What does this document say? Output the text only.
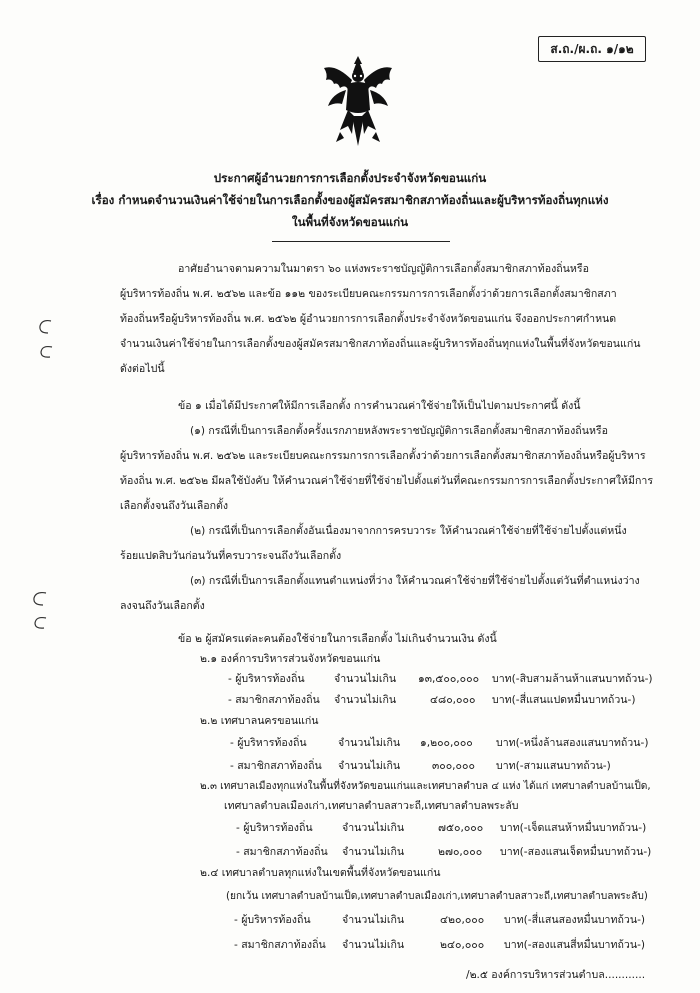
ส.ถ./ผ.ถ. ๑/๑๒
ประกาศผู้อำนวยการการเลือกตั้งประจำจังหวัดขอนแก่น
เรื่อง กำหนดจำนวนเงินค่าใช้จ่ายในการเลือกตั้งของผู้สมัครสมาชิกสภาท้องถิ่นและผู้บริหารท้องถิ่นทุกแห่ง
ในพื้นที่จังหวัดขอนแก่น
อาศัยอำนาจตามความในมาตรา ๖๐ แห่งพระราชบัญญัติการเลือกตั้งสมาชิกสภาท้องถิ่นหรือ
ผู้บริหารท้องถิ่น พ.ศ. ๒๕๖๒ และข้อ ๑๑๒ ของระเบียบคณะกรรมการการเลือกตั้งว่าด้วยการเลือกตั้งสมาชิกสภา
ท้องถิ่นหรือผู้บริหารท้องถิ่น พ.ศ. ๒๕๖๒ ผู้อำนวยการการเลือกตั้งประจำจังหวัดขอนแก่น จึงออกประกาศกำหนด
จำนวนเงินค่าใช้จ่ายในการเลือกตั้งของผู้สมัครสมาชิกสภาท้องถิ่นและผู้บริหารท้องถิ่นทุกแห่งในพื้นที่จังหวัดขอนแก่น
ดังต่อไปนี้
ข้อ ๑ เมื่อได้มีประกาศให้มีการเลือกตั้ง การคำนวณค่าใช้จ่ายให้เป็นไปตามประกาศนี้ ดังนี้
(๑) กรณีที่เป็นการเลือกตั้งครั้งแรกภายหลังพระราชบัญญัติการเลือกตั้งสมาชิกสภาท้องถิ่นหรือ
ผู้บริหารท้องถิ่น พ.ศ. ๒๕๖๒ และระเบียบคณะกรรมการการเลือกตั้งว่าด้วยการเลือกตั้งสมาชิกสภาท้องถิ่นหรือผู้บริหาร
ท้องถิ่น พ.ศ. ๒๕๖๒ มีผลใช้บังคับ ให้คำนวณค่าใช้จ่ายที่ใช้จ่ายไปตั้งแต่วันที่คณะกรรมการการเลือกตั้งประกาศให้มีการ
เลือกตั้งจนถึงวันเลือกตั้ง
(๒) กรณีที่เป็นการเลือกตั้งอันเนื่องมาจากการครบวาระ ให้คำนวณค่าใช้จ่ายที่ใช้จ่ายไปตั้งแต่หนึ่ง
ร้อยแปดสิบวันก่อนวันที่ครบวาระจนถึงวันเลือกตั้ง
(๓) กรณีที่เป็นการเลือกตั้งแทนตำแหน่งที่ว่าง ให้คำนวณค่าใช้จ่ายที่ใช้จ่ายไปตั้งแต่วันที่ตำแหน่งว่าง
ลงจนถึงวันเลือกตั้ง
ข้อ ๒ ผู้สมัครแต่ละคนต้องใช้จ่ายในการเลือกตั้ง ไม่เกินจำนวนเงิน ดังนี้
๒.๑ องค์การบริหารส่วนจังหวัดขอนแก่น
- ผู้บริหารท้องถิ่น	จำนวนไม่เกิน ๑๓,๕๐๐,๐๐๐ บาท(-สิบสามล้านห้าแสนบาทถ้วน-)
- สมาชิกสภาท้องถิ่น จำนวนไม่เกิน	๔๘๐,๐๐๐ บาท(-สี่แสนแปดหมื่นบาทถ้วน-)
๒.๒ เทศบาลนครขอนแก่น
- ผู้บริหารท้องถิ่น	จำนวนไม่เกิน ๑,๒๐๐,๐๐๐ บาท(-หนึ่งล้านสองแสนบาทถ้วน-)
- สมาชิกสภาท้องถิ่น จำนวนไม่เกิน	๓๐๐,๐๐๐ บาท(-สามแสนบาทถ้วน-)
๒.๓ เทศบาลเมืองทุกแห่งในพื้นที่จังหวัดขอนแก่นและเทศบาลตำบล ๔ แห่ง ได้แก่ เทศบาลตำบลบ้านเป็ด,
เทศบาลตำบลเมืองเก่า,เทศบาลตำบลสาวะถี,เทศบาลตำบลพระลับ
- ผู้บริหารท้องถิ่น	จำนวนไม่เกิน	๗๕๐,๐๐๐ บาท(-เจ็ดแสนห้าหมื่นบาทถ้วน-)
- สมาชิกสภาท้องถิ่น จำนวนไม่เกิน	๒๗๐,๐๐๐ บาท(-สองแสนเจ็ดหมื่นบาทถ้วน-)
๒.๔ เทศบาลตำบลทุกแห่งในเขตพื้นที่จังหวัดขอนแก่น
(ยกเว้น เทศบาลตำบลบ้านเป็ด,เทศบาลตำบลเมืองเก่า,เทศบาลตำบลสาวะถี,เทศบาลตำบลพระลับ)
- ผู้บริหารท้องถิ่น	จำนวนไม่เกิน	๔๒๐,๐๐๐ บาท(-สี่แสนสองหมื่นบาทถ้วน-)
- สมาชิกสภาท้องถิ่น จำนวนไม่เกิน	๒๔๐,๐๐๐ บาท(-สองแสนสี่หมื่นบาทถ้วน-)
/๒.๕ องค์การบริหารส่วนตำบล............
